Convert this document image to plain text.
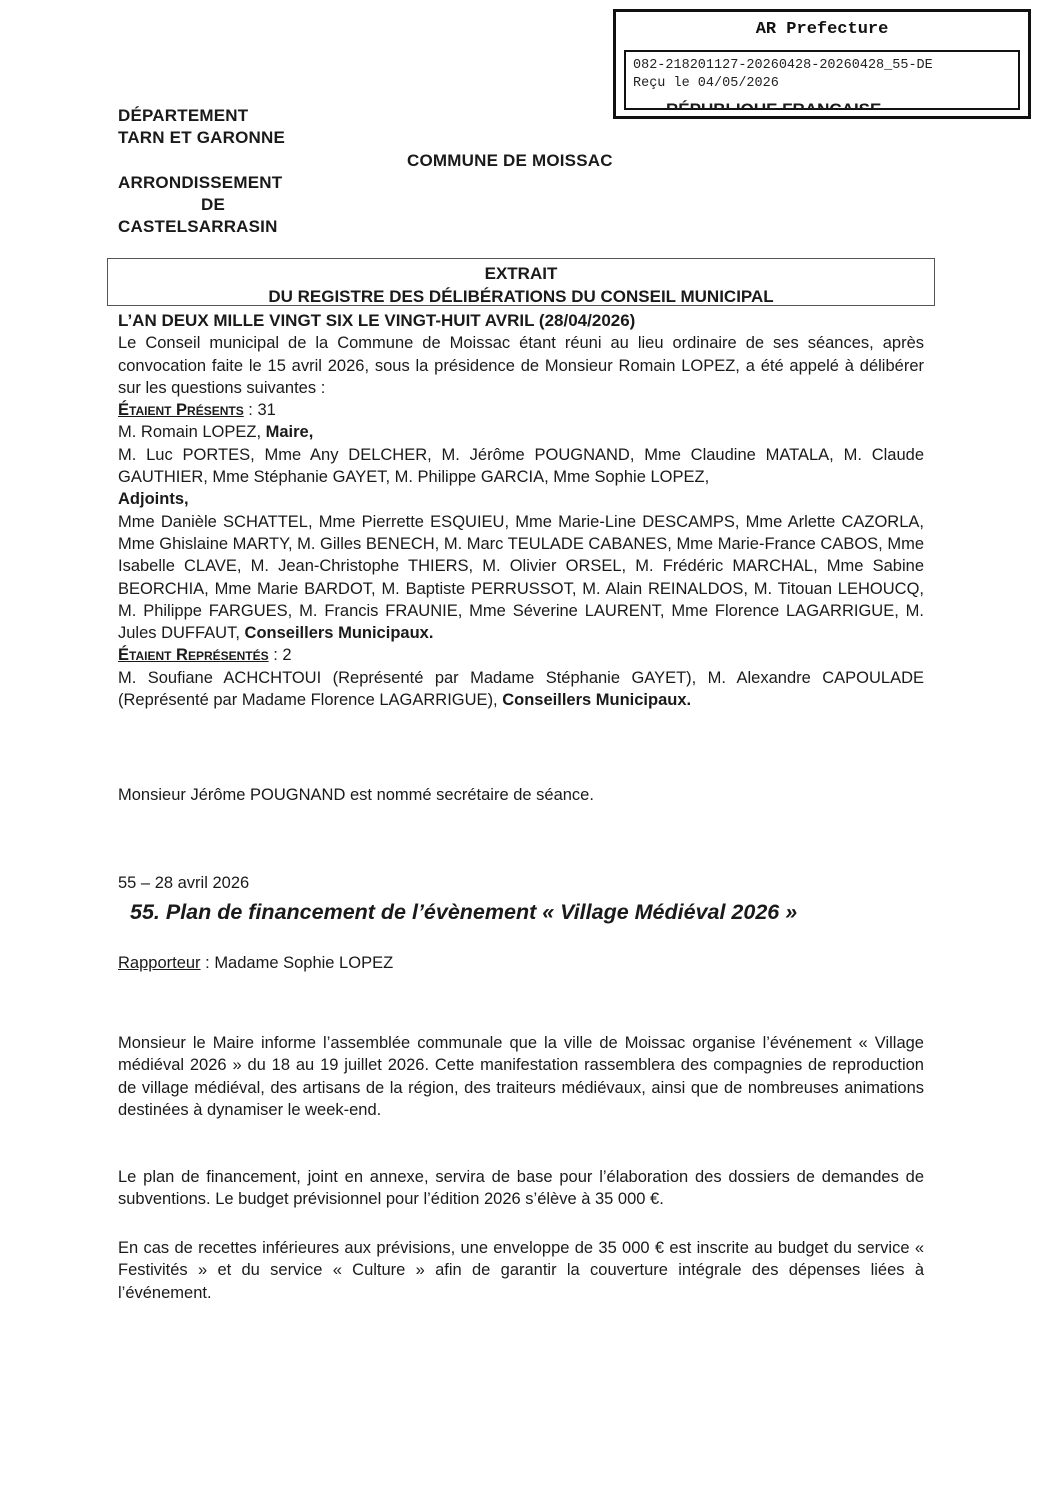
AR Prefecture
082-218201127-20260428-20260428_55-DE
Reçu le 04/05/2026
DÉPARTEMENT
TARN ET GARONNE
COMMUNE DE MOISSAC
ARRONDISSEMENT
DE
CASTELSARRASIN
EXTRAIT
DU REGISTRE DES DÉLIBÉRATIONS DU CONSEIL MUNICIPAL
L’AN DEUX MILLE VINGT SIX LE VINGT-HUIT AVRIL (28/04/2026)
Le Conseil municipal de la Commune de Moissac étant réuni au lieu ordinaire de ses séances, après convocation faite le 15 avril 2026, sous la présidence de Monsieur Romain LOPEZ, a été appelé à délibérer sur les questions suivantes :
Étaient Présents : 31
M. Romain LOPEZ, Maire,
M. Luc PORTES, Mme Any DELCHER, M. Jérôme POUGNAND, Mme Claudine MATALA, M. Claude GAUTHIER, Mme Stéphanie GAYET, M. Philippe GARCIA, Mme Sophie LOPEZ,
Adjoints,
Mme Danièle SCHATTEL, Mme Pierrette ESQUIEU, Mme Marie-Line DESCAMPS, Mme Arlette CAZORLA, Mme Ghislaine MARTY, M. Gilles BENECH, M. Marc TEULADE CABANES, Mme Marie-France CABOS, Mme Isabelle CLAVE, M. Jean-Christophe THIERS, M. Olivier ORSEL, M. Frédéric MARCHAL, Mme Sabine BEORCHIA, Mme Marie BARDOT, M. Baptiste PERRUSSOT, M. Alain REINALDOS, M. Titouan LEHOUCQ, M. Philippe FARGUES, M. Francis FRAUNIE, Mme Séverine LAURENT, Mme Florence LAGARRIGUE, M. Jules DUFFAUT, Conseillers Municipaux.
Étaient Représentés : 2
M. Soufiane ACHCHTOUI (Représenté par Madame Stéphanie GAYET), M. Alexandre CAPOULADE (Représenté par Madame Florence LAGARRIGUE), Conseillers Municipaux.
Monsieur Jérôme POUGNAND est nommé secrétaire de séance.
55 – 28 avril 2026
55. Plan de financement de l’évènement « Village Médiéval 2026 »
Rapporteur : Madame Sophie LOPEZ
Monsieur le Maire informe l’assemblée communale que la ville de Moissac organise l’événement « Village médiéval 2026 » du 18 au 19 juillet 2026. Cette manifestation rassemblera des compagnies de reproduction de village médiéval, des artisans de la région, des traiteurs médiévaux, ainsi que de nombreuses animations destinées à dynamiser le week-end.
Le plan de financement, joint en annexe, servira de base pour l’élaboration des dossiers de demandes de subventions. Le budget prévisionnel pour l’édition 2026 s’élève à 35 000 €.
En cas de recettes inférieures aux prévisions, une enveloppe de 35 000 € est inscrite au budget du service « Festivités » et du service « Culture » afin de garantir la couverture intégrale des dépenses liées à l’événement.
